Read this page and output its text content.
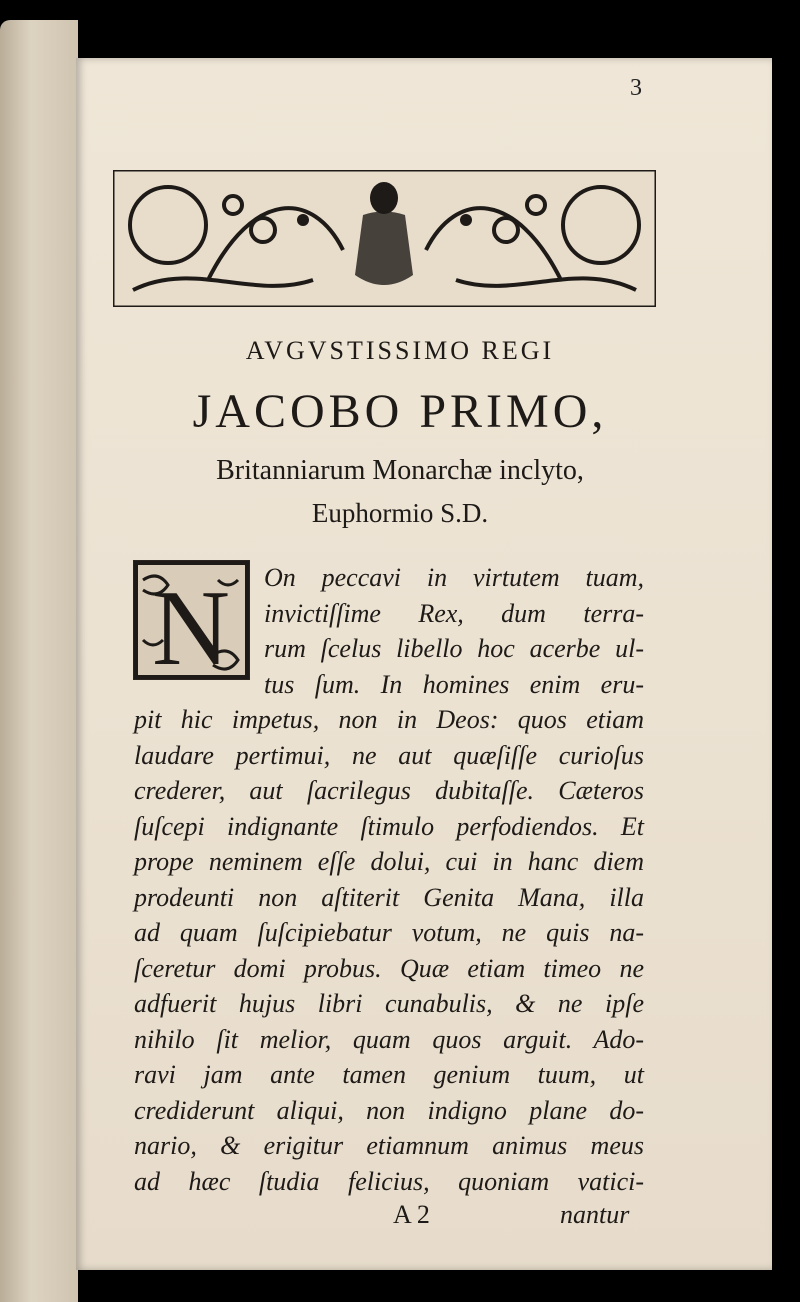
3
AVGVSTISSIMO REGI
JACOBO PRIMO,
Britanniarum Monarchæ inclyto,
Euphormio S.D.
N On peccavi in virtutem tuam,
invictiſſime Rex, dum terra-
rum ſcelus libello hoc acerbe ul-
tus ſum. In homines enim eru-
pit hic impetus, non in Deos: quos etiam
laudare pertimui, ne aut quæſiſſe curioſus
crederer, aut ſacrilegus dubitaſſe. Cæteros
ſuſcepi indignante ſtimulo perfodiendos. Et
prope neminem eſſe dolui, cui in hanc diem
prodeunti non aſtiterit Genita Mana, illa
ad quam ſuſcipiebatur votum, ne quis na-
ſceretur domi probus. Quæ etiam timeo ne
adfuerit hujus libri cunabulis, & ne ipſe
nihilo ſit melior, quam quos arguit. Ado-
ravi jam ante tamen genium tuum, ut
crediderunt aliqui, non indigno plane do-
nario, & erigitur etiamnum animus meus
ad hæc ſtudia felicius, quoniam vatici-
A 2	nantur
